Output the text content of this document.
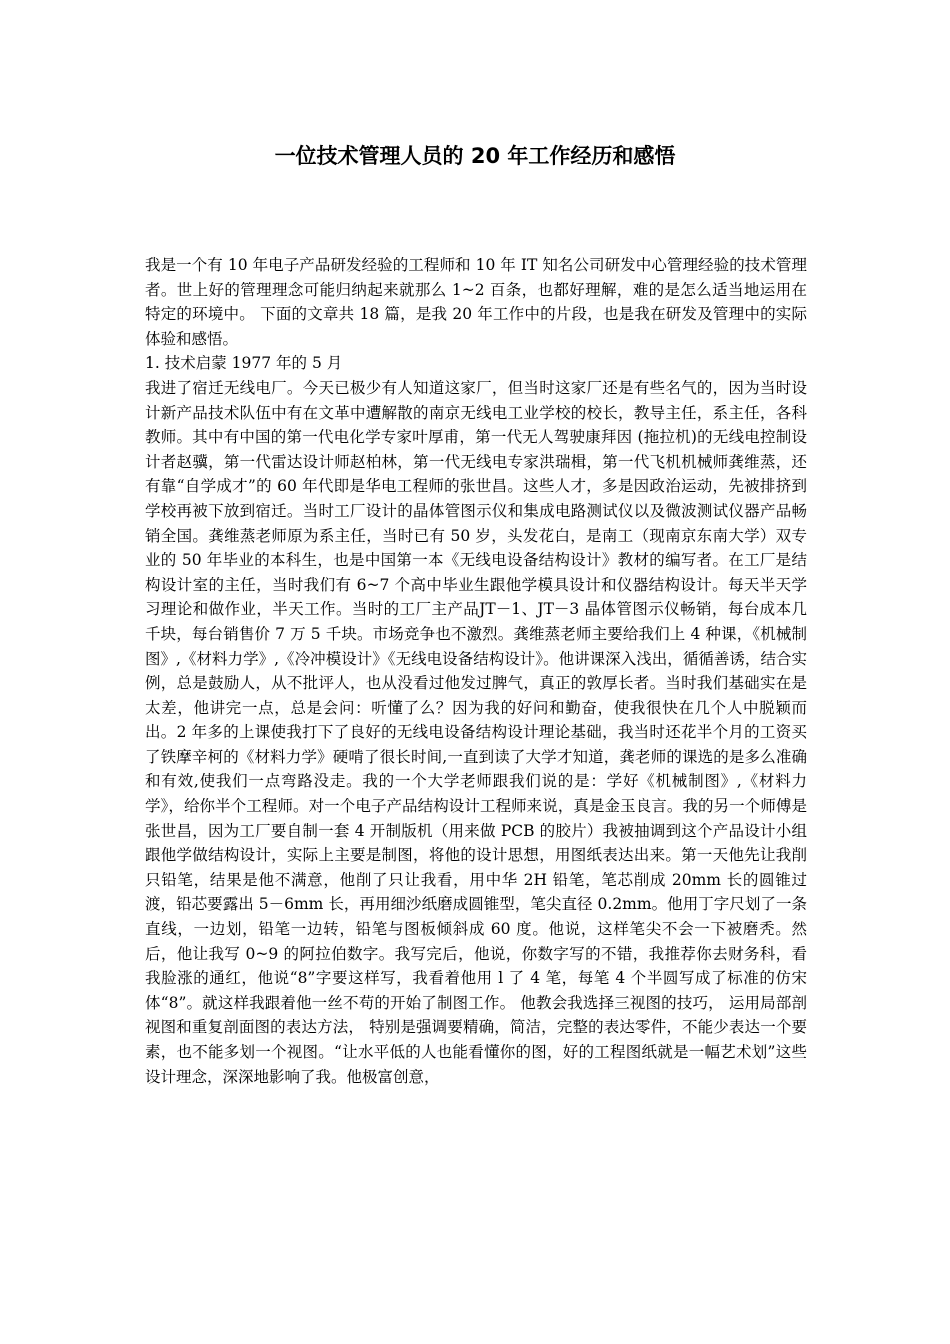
一位技术管理人员的 20 年工作经历和感悟

我是一个有 10 年电子产品研发经验的工程师和 10 年 IT 知名公司研发中心管理经验的技术管理者。世上好的管理理念可能归纳起来就那么 1~2 百条，也都好理解，难的是怎么适当地运用在特定的环境中。 下面的文章共 18 篇，是我 20 年工作中的片段，也是我在研发及管理中的实际体验和感悟。

1. 技术启蒙 1977 年的 5 月

我进了宿迁无线电厂。今天已极少有人知道这家厂，但当时这家厂还是有些名气的，因为当时设计新产品技术队伍中有在文革中遭解散的南京无线电工业学校的校长，教导主任，系主任，各科教师。其中有中国的第一代电化学专家叶厚甫，第一代无人驾驶康拜因 (拖拉机)的无线电控制设计者赵骥，第一代雷达设计师赵柏林，第一代无线电专家洪瑞楫，第一代飞机机械师龚维蒸，还有靠“自学成才”的 60 年代即是华电工程师的张世昌。这些人才，多是因政治运动，先被排挤到学校再被下放到宿迁。当时工厂设计的晶体管图示仪和集成电路测试仪以及微波测试仪器产品畅销全国。龚维蒸老师原为系主任，当时已有 50 岁，头发花白，是南工（现南京东南大学）双专业的 50 年毕业的本科生，也是中国第一本《无线电设备结构设计》教材的编写者。在工厂是结构设计室的主任，当时我们有 6~7 个高中毕业生跟他学模具设计和仪器结构设计。每天半天学习理论和做作业，半天工作。当时的工厂主产品JT－1、JT－3 晶体管图示仪畅销，每台成本几千块，每台销售价 7 万 5 千块。市场竞争也不激烈。龚维蒸老师主要给我们上 4 种课，《机械制图》,《材料力学》,《冷冲模设计》《无线电设备结构设计》。他讲课深入浅出，循循善诱，结合实例，总是鼓励人，从不批评人，也从没看过他发过脾气，真正的敦厚长者。当时我们基础实在是太差，他讲完一点，总是会问：听懂了么？因为我的好问和勤奋，使我很快在几个人中脱颖而出。2 年多的上课使我打下了良好的无线电设备结构设计理论基础，我当时还花半个月的工资买了铁摩辛柯的《材料力学》硬啃了很长时间,一直到读了大学才知道，龚老师的课选的是多么准确和有效,使我们一点弯路没走。我的一个大学老师跟我们说的是：学好《机械制图》,《材料力学》，给你半个工程师。对一个电子产品结构设计工程师来说，真是金玉良言。我的另一个师傅是张世昌，因为工厂要自制一套 4 开制版机（用来做 PCB 的胶片）我被抽调到这个产品设计小组跟他学做结构设计，实际上主要是制图，将他的设计思想，用图纸表达出来。第一天他先让我削只铅笔，结果是他不满意，他削了只让我看，用中华 2H 铅笔，笔芯削成 20mm 长的圆锥过渡，铅芯要露出 5－6mm 长，再用细沙纸磨成圆锥型，笔尖直径 0.2mm。他用丁字尺划了一条直线，一边划，铅笔一边转，铅笔与图板倾斜成 60 度。他说，这样笔尖不会一下被磨秃。然后，他让我写 0~9 的阿拉伯数字。我写完后，他说，你数字写的不错，我推荐你去财务科，看我脸涨的通红，他说“8”字要这样写，我看着他用 l 了 4 笔，每笔 4 个半圆写成了标准的仿宋体“8”。就这样我跟着他一丝不苟的开始了制图工作。 他教会我选择三视图的技巧， 运用局部剖视图和重复剖面图的表达方法， 特别是强调要精确，简洁，完整的表达零件，不能少表达一个要素，也不能多划一个视图。“让水平低的人也能看懂你的图，好的工程图纸就是一幅艺术划”这些设计理念，深深地影响了我。他极富创意，
